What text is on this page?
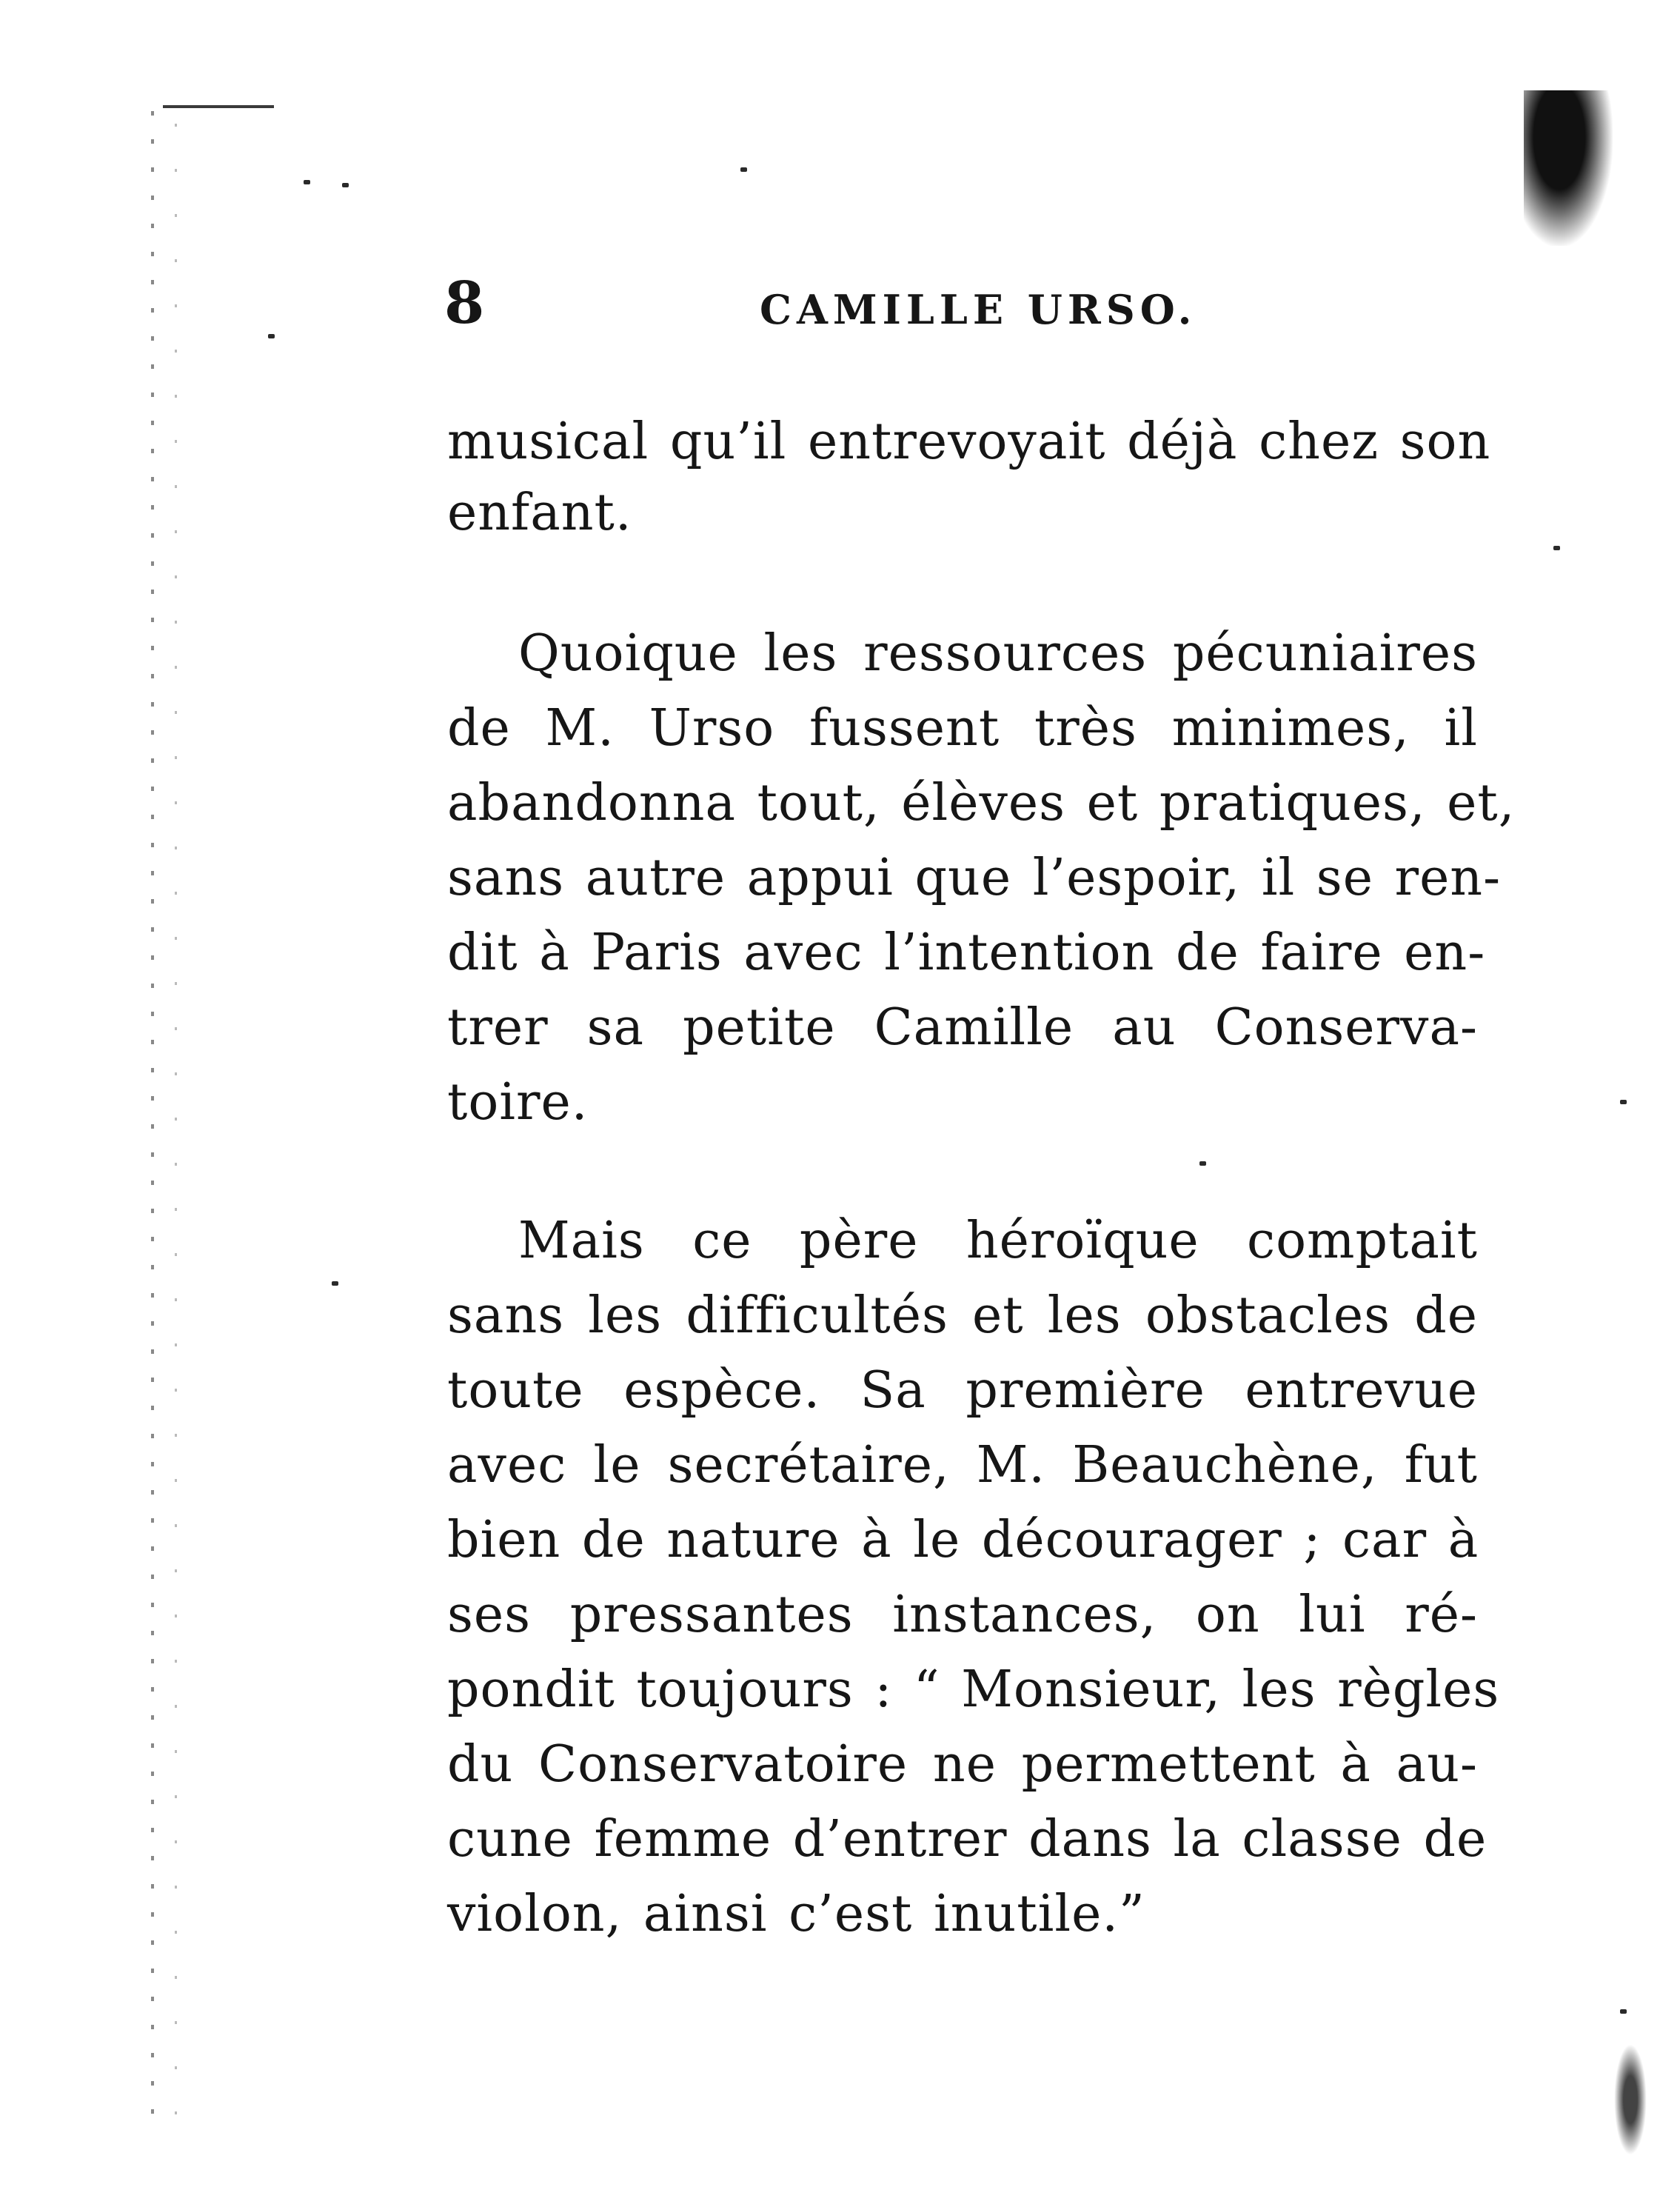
8	CAMILLE URSO.
musical qu’il entrevoyait déjà chez son
enfant.
Quoique les ressources pécuniaires
de M. Urso fussent très minimes, il
abandonna tout, élèves et pratiques, et,
sans autre appui que l’espoir, il se ren-
dit à Paris avec l’intention de faire en-
trer sa petite Camille au Conserva-
toire.
Mais ce père héroïque comptait
sans les difficultés et les obstacles de
toute espèce. Sa première entrevue
avec le secrétaire, M. Beauchène, fut
bien de nature à le décourager ; car à
ses pressantes instances, on lui ré-
pondit toujours : “ Monsieur, les règles
du Conservatoire ne permettent à au-
cune femme d’entrer dans la classe de
violon, ainsi c’est inutile.”
